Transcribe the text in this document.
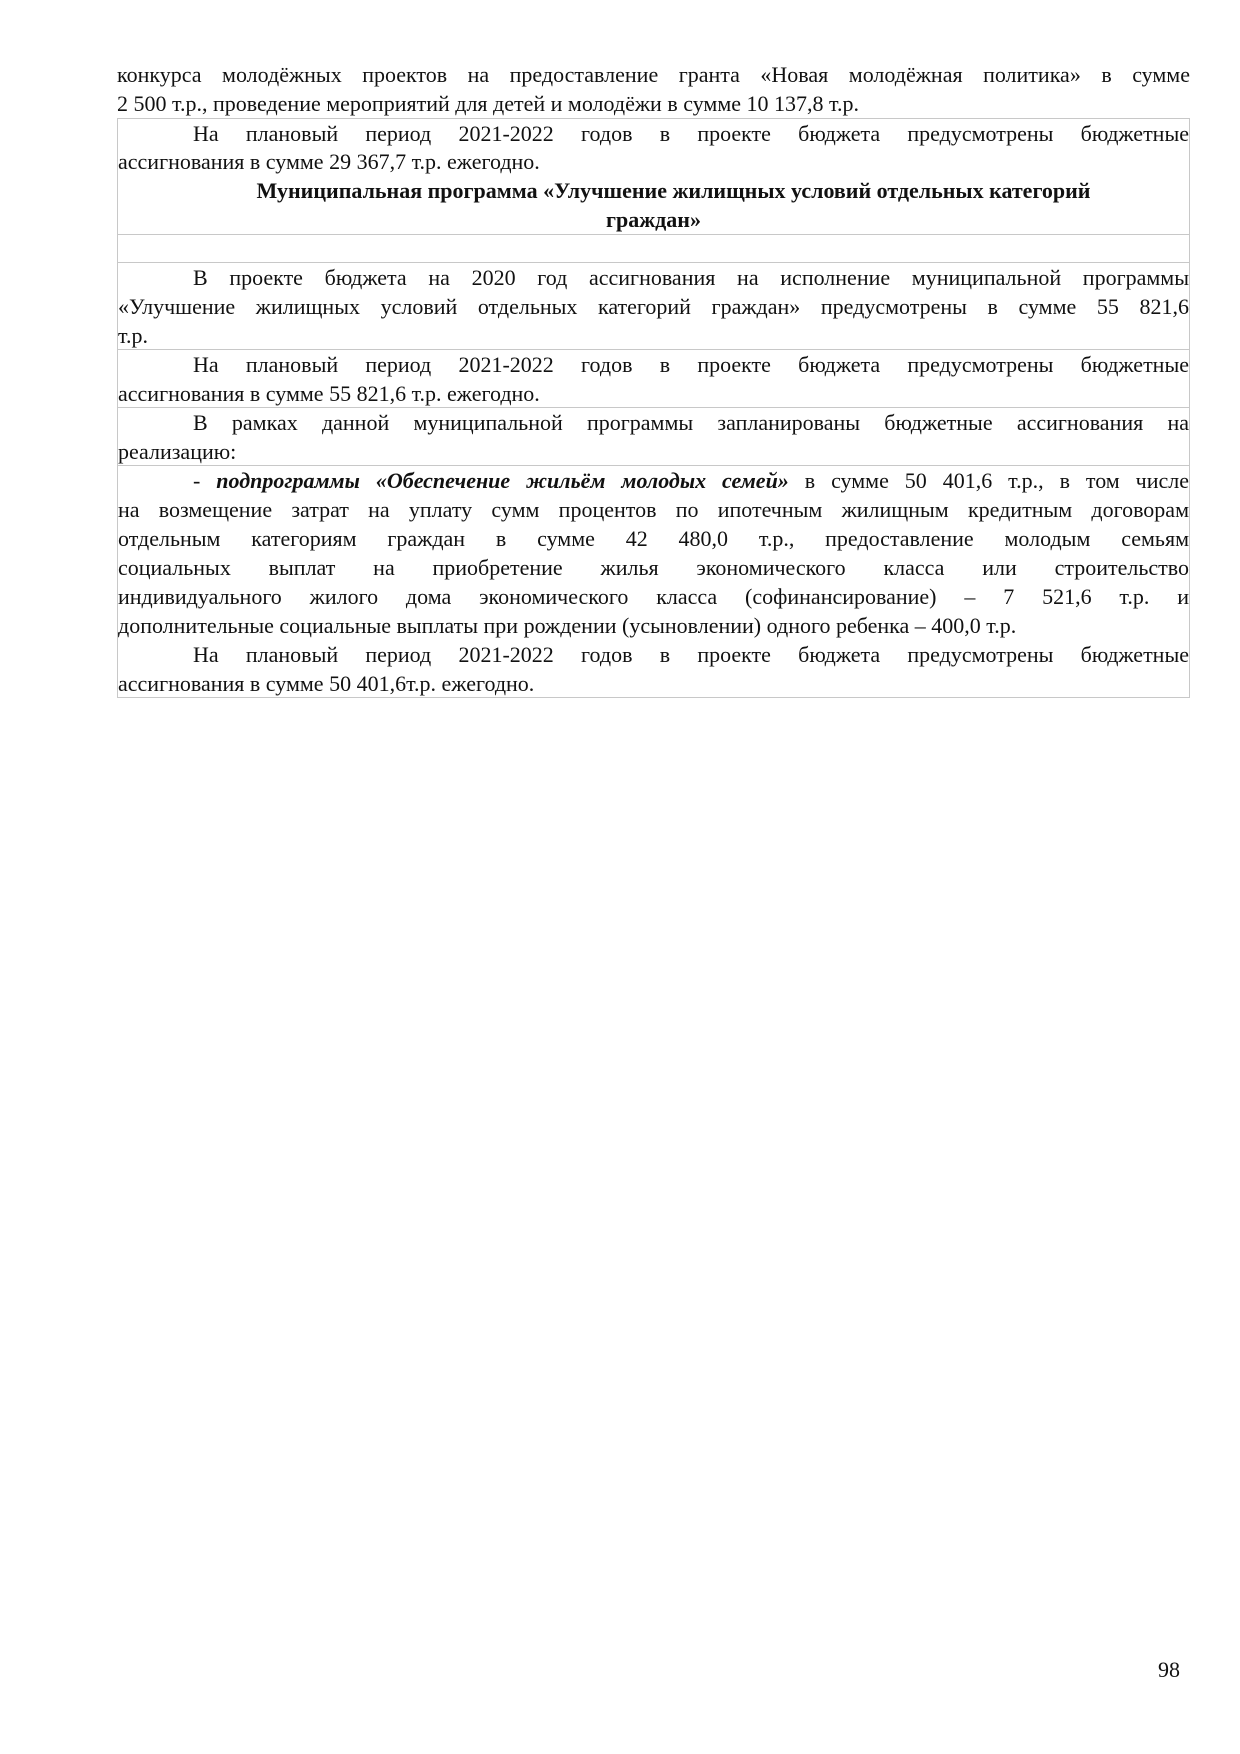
конкурса молодёжных проектов на предоставление гранта «Новая молодёжная политика» в сумме
2 500 т.р., проведение мероприятий для детей и молодёжи в сумме 10 137,8 т.р.
На плановый период 2021-2022 годов в проекте бюджета предусмотрены бюджетные
ассигнования в сумме 29 367,7 т.р. ежегодно.
Муниципальная программа «Улучшение жилищных условий отдельных категорий
граждан»
В проекте бюджета на 2020 год ассигнования на исполнение муниципальной программы
«Улучшение жилищных условий отдельных категорий граждан» предусмотрены в сумме 55 821,6
т.р.
На плановый период 2021-2022 годов в проекте бюджета предусмотрены бюджетные
ассигнования в сумме 55 821,6 т.р. ежегодно.
В рамках данной муниципальной программы запланированы бюджетные ассигнования на
реализацию:
- подпрограммы «Обеспечение жильём молодых семей» в сумме 50 401,6 т.р., в том числе
на возмещение затрат на уплату сумм процентов по ипотечным жилищным кредитным договорам
отдельным категориям граждан в сумме 42 480,0 т.р., предоставление молодым семьям
социальных выплат на приобретение жилья экономического класса или строительство
индивидуального жилого дома экономического класса (софинансирование) – 7 521,6 т.р. и
дополнительные социальные выплаты при рождении (усыновлении) одного ребенка – 400,0 т.р.
На плановый период 2021-2022 годов в проекте бюджета предусмотрены бюджетные
ассигнования в сумме 50 401,6т.р. ежегодно.
98
